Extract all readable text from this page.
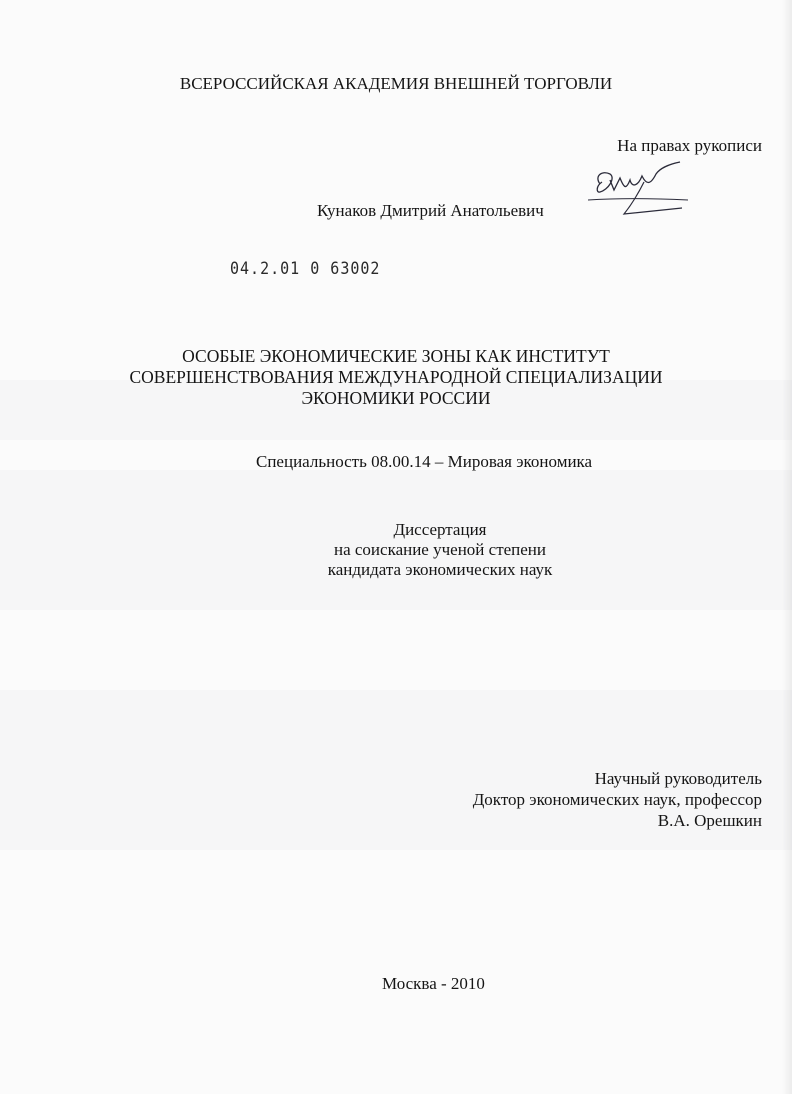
ВСЕРОССИЙСКАЯ АКАДЕМИЯ ВНЕШНЕЙ ТОРГОВЛИ
На правах рукописи
Кунаков Дмитрий Анатольевич
04.2.01 0 63002
ОСОБЫЕ ЭКОНОМИЧЕСКИЕ ЗОНЫ КАК ИНСТИТУТ
СОВЕРШЕНСТВОВАНИЯ МЕЖДУНАРОДНОЙ СПЕЦИАЛИЗАЦИИ
ЭКОНОМИКИ РОССИИ
Специальность 08.00.14 – Мировая экономика
Диссертация
на соискание ученой степени
кандидата экономических наук
Научный руководитель
Доктор экономических наук, профессор
В.А. Орешкин
Москва - 2010
